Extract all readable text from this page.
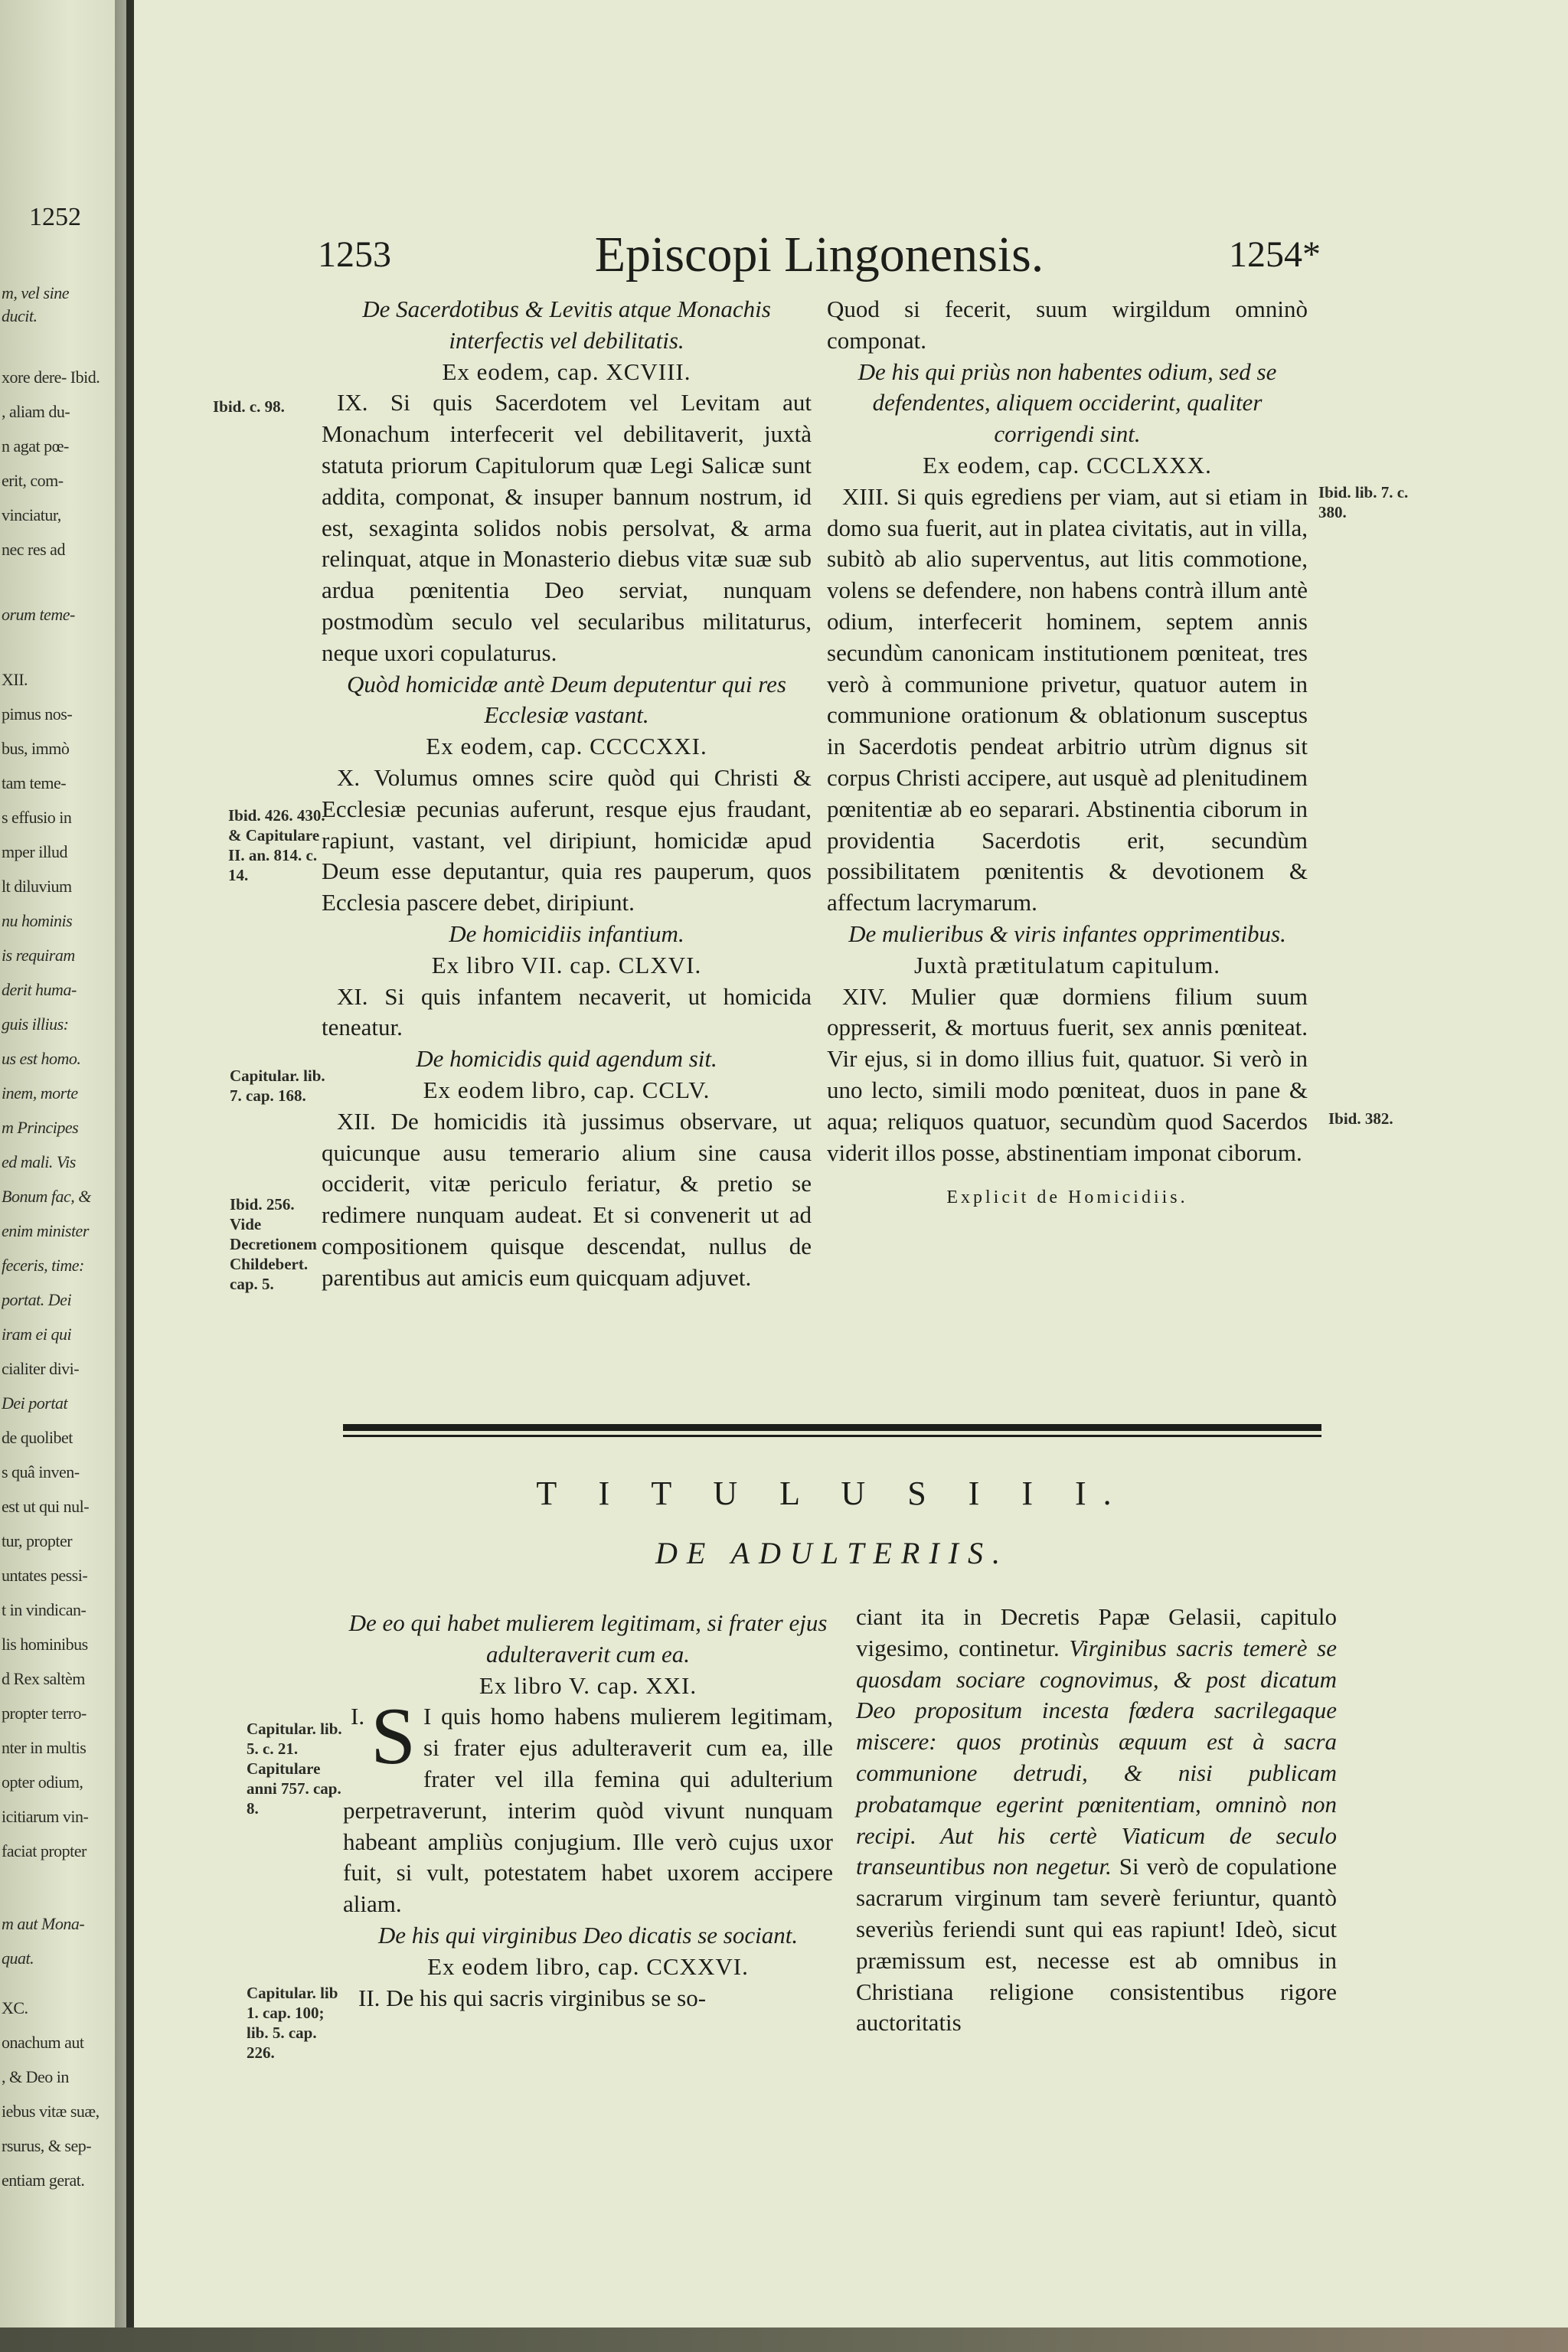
1252
m, vel sine
ducit.
xore dere- Ibid.
, aliam du-
n agat pœ-
erit, com-
vinciatur,
nec res ad
orum teme-
XII.
pimus nos-
bus, immò
tam teme-
s effusio in
mper illud
lt diluvium
nu hominis
is requiram
derit huma-
guis illius:
us est homo.
inem, morte
m Principes
ed mali. Vis
Bonum fac, &
enim minister
feceris, time:
portat. Dei
iram ei qui
cialiter divi-
Dei portat
de quolibet
s quâ inven-
est ut qui nul-
tur, propter
untates pessi-
t in vindican-
lis hominibus
d Rex saltèm
propter terro-
nter in multis
opter odium,
icitiarum vin-
faciat propter
m aut Mona-
quat.
XC.
onachum aut
, & Deo in
iebus vitæ suæ,
rsurus, & sep-
entiam gerat.
1253	Episcopi Lingonensis.	1254*

De Sacerdotibus & Levitis atque Monachis interfectis vel debilitatis.

Ex eodem, cap. XCVIII.

IX. Si quis Sacerdotem vel Levitam aut Monachum interfecerit vel debilitaverit, juxtà statuta priorum Capitulorum quæ Legi Salicæ sunt addita, componat, & insuper bannum nostrum, id est, sexaginta solidos nobis persolvat, & arma relinquat, atque in Monasterio diebus vitæ suæ sub ardua pœnitentia Deo serviat, nunquam postmodùm seculo vel secularibus militaturus, neque uxori copulaturus.

Quòd homicidæ antè Deum deputentur qui res Ecclesiæ vastant.

Ex eodem, cap. CCCCXXI.

X. Volumus omnes scire quòd qui Christi & Ecclesiæ pecunias auferunt, resque ejus fraudant, rapiunt, vastant, vel diripiunt, homicidæ apud Deum esse deputantur, quia res pauperum, quos Ecclesia pascere debet, diripiunt.

De homicidiis infantium.

Ex libro VII. cap. CLXVI.

XI. Si quis infantem necaverit, ut homicida teneatur.

De homicidis quid agendum sit.

Ex eodem libro, cap. CCLV.

XII. De homicidis ità jussimus observare, ut quicunque ausu temerario alium sine causa occiderit, vitæ periculo feriatur, & pretio se redimere nunquam audeat. Et si convenerit ut ad compositionem quisque descendat, nullus de parentibus aut amicis eum quicquam adjuvet.

Quod si fecerit, suum wirgildum omninò componat.

De his qui priùs non habentes odium, sed se defendentes, aliquem occiderint, qualiter corrigendi sint.

Ex eodem, cap. CCCLXXX.

XIII. Si quis egrediens per viam, aut si etiam in domo sua fuerit, aut in platea civitatis, aut in villa, subitò ab alio superventus, aut litis commotione, volens se defendere, non habens contrà illum antè odium, interfecerit hominem, septem annis secundùm canonicam institutionem pœniteat, tres verò à communione privetur, quatuor autem in communione orationum & oblationum susceptus in Sacerdotis pendeat arbitrio utrùm dignus sit corpus Christi accipere, aut usquè ad plenitudinem pœnitentiæ ab eo separari. Abstinentia ciborum in providentia Sacerdotis erit, secundùm possibilitatem pœnitentis & devotionem & affectum lacrymarum.

De mulieribus & viris infantes opprimentibus.

Juxtà prætitulatum capitulum.

XIV. Mulier quæ dormiens filium suum oppresserit, & mortuus fuerit, sex annis pœniteat. Vir ejus, si in domo illius fuit, quatuor. Si verò in uno lecto, simili modo pœniteat, duos in pane & aqua; reliquos quatuor, secundùm quod Sacerdos viderit illos posse, abstinentiam imponat ciborum.

Explicit de Homicidiis.

T I T U L U S I I I.
DE ADULTERIIS.

De eo qui habet mulierem legitimam, si frater ejus adulteraverit cum ea.

Ex libro V. cap. XXI.

I. S I quis homo habens mulierem legitimam, si frater ejus adulteraverit cum ea, ille frater vel illa femina qui adulterium perpetraverunt, interim quòd vivunt nunquam habeant ampliùs conjugium. Ille verò cujus uxor fuit, si vult, potestatem habet uxorem accipere aliam.

De his qui virginibus Deo dicatis se sociant.

Ex eodem libro, cap. CCXXVI.

II. De his qui sacris virginibus se so-

ciant ita in Decretis Papæ Gelasii, capitulo vigesimo, continetur. Virginibus sacris temerè se quosdam sociare cognovimus, & post dicatum Deo propositum incesta fœdera sacrilegaque miscere: quos protinùs æquum est à sacra communione detrudi, & nisi publicam probatamque egerint pœnitentiam, omninò non recipi. Aut his certè Viaticum de seculo transeuntibus non negetur. Si verò de copulatione sacrarum virginum tam severè feriuntur, quantò severiùs feriendi sunt qui eas rapiunt! Ideò, sicut præmissum est, necesse est ab omnibus in Christiana religione consistentibus rigore auctoritatis

Ibid. c. 98.
Ibid. 426. 430. & Capitulare II. an. 814. c. 14.
Capitular. lib. 7. cap. 168.
Ibid. 256. Vide Decretionem Childebert. cap. 5.
Ibid. lib. 7. c. 380.
Ibid. 382.
Capitular. lib. 5. c. 21. Capitulare anni 757. cap. 8.
Capitular. lib 1. cap. 100; lib. 5. cap. 226.
